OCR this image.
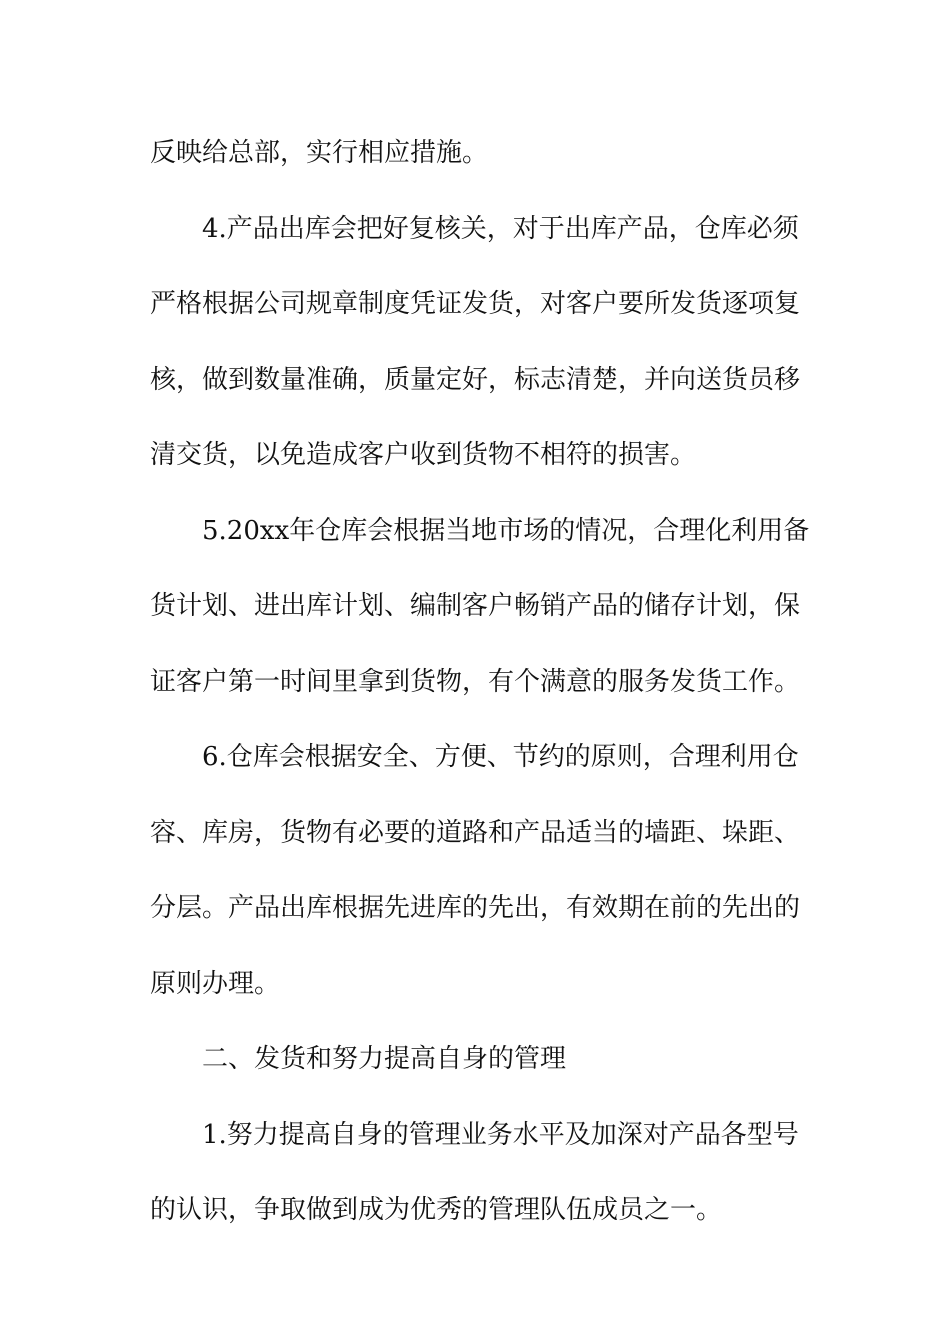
反映给总部，实行相应措施。

4.产品出库会把好复核关，对于出库产品，仓库必须
严格根据公司规章制度凭证发货，对客户要所发货逐项复
核，做到数量准确，质量定好，标志清楚，并向送货员移
清交货，以免造成客户收到货物不相符的损害。

5.20xx年仓库会根据当地市场的情况，合理化利用备
货计划、进出库计划、编制客户畅销产品的储存计划，保
证客户第一时间里拿到货物，有个满意的服务发货工作。

6.仓库会根据安全、方便、节约的原则，合理利用仓
容、库房，货物有必要的道路和产品适当的墙距、垛距、
分层。产品出库根据先进库的先出，有效期在前的先出的
原则办理。

二、发货和努力提高自身的管理

1.努力提高自身的管理业务水平及加深对产品各型号
的认识，争取做到成为优秀的管理队伍成员之一。
